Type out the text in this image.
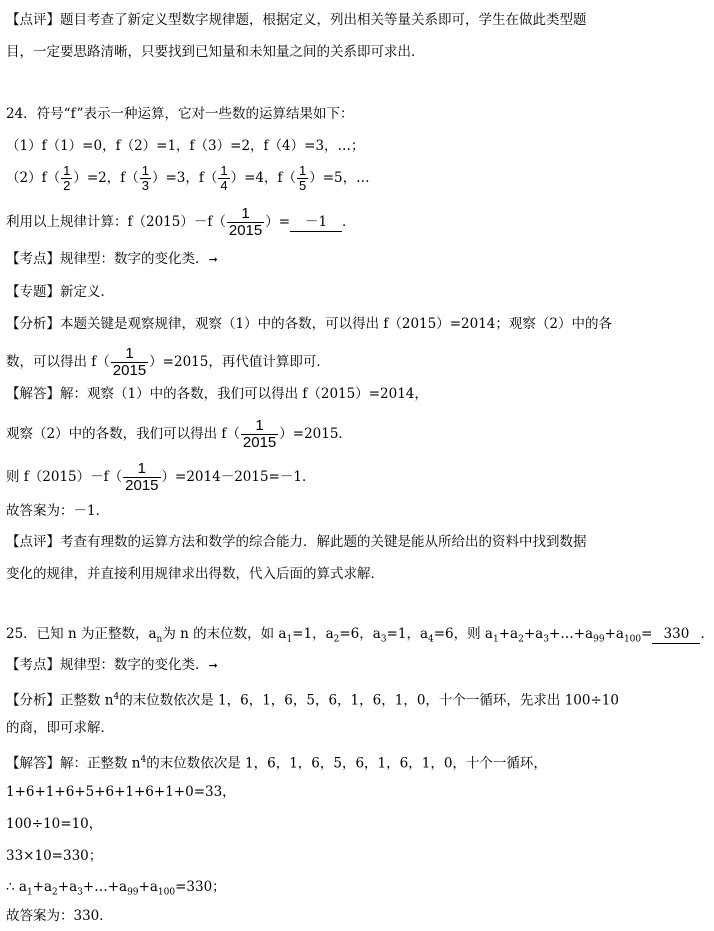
【点评】题目考查了新定义型数字规律题，根据定义，列出相关等量关系即可，学生在做此类型题
目，一定要思路清晰，只要找到已知量和未知量之间的关系即可求出．
24．符号“f”表示一种运算，它对一些数的运算结果如下：
（1）f（1）=0，f（2）=1，f（3）=2，f（4）=3，…；
$(2)f( \frac{1}{2} )=2$，$f( \frac{1}{3} )=3$，$f( \frac{1}{4} )=4$，$f( \frac{1}{5} )=5$，…
利用以上规律计算：$f(2015)-f( \frac{1}{2015}$ ）= －1 ．
【考点】规律型：数字的变化类．➞
【专题】新定义．
【分析】本题关键是观察规律，观察（1）中的各数，可以得出 f（2015）=2014；观察（2）中的各
数，可以得出 $f( \frac{1}{2015} )=2015$，再代值计算即可．
【解答】解：观察（1）中的各数，我们可以得出 f（2015）=2014，
观察（2）中的各数，我们可以得出 $f( \frac{1}{2015} )=2015$．
则 $f(2015)-f( \frac{1}{2015} )=2014-2015=-1$．
故答案为：－1．
【点评】考查有理数的运算方法和数学的综合能力．解此题的关键是能从所给出的资料中找到数据
变化的规律，并直接利用规律求出得数，代入后面的算式求解．
25．已知 n 为正整数，$a_n$为 n 的末位数，如 $a_1=1$，$a_2=6$，$a_3=1$，$a_4=6$，则 $a_1+a_2+a_3+\dots+a_{99}+a_{100}= 330$ ．
【考点】规律型：数字的变化类．➞
【分析】正整数 $n^4$的末位数依次是 1，6，1，6，5，6，1，6，1，0，十个一循环，先求出 100÷10
的商，即可求解．
【解答】解：正整数 $n^4$的末位数依次是 1，6，1，6，5，6，1，6，1，0，十个一循环，
1+6+1+6+5+6+1+6+1+0=33，
100÷10=10，
33×10=330；
∴ $a_1+a_2+a_3+\dots+a_{99}+a_{100}=330$；
故答案为：330．
